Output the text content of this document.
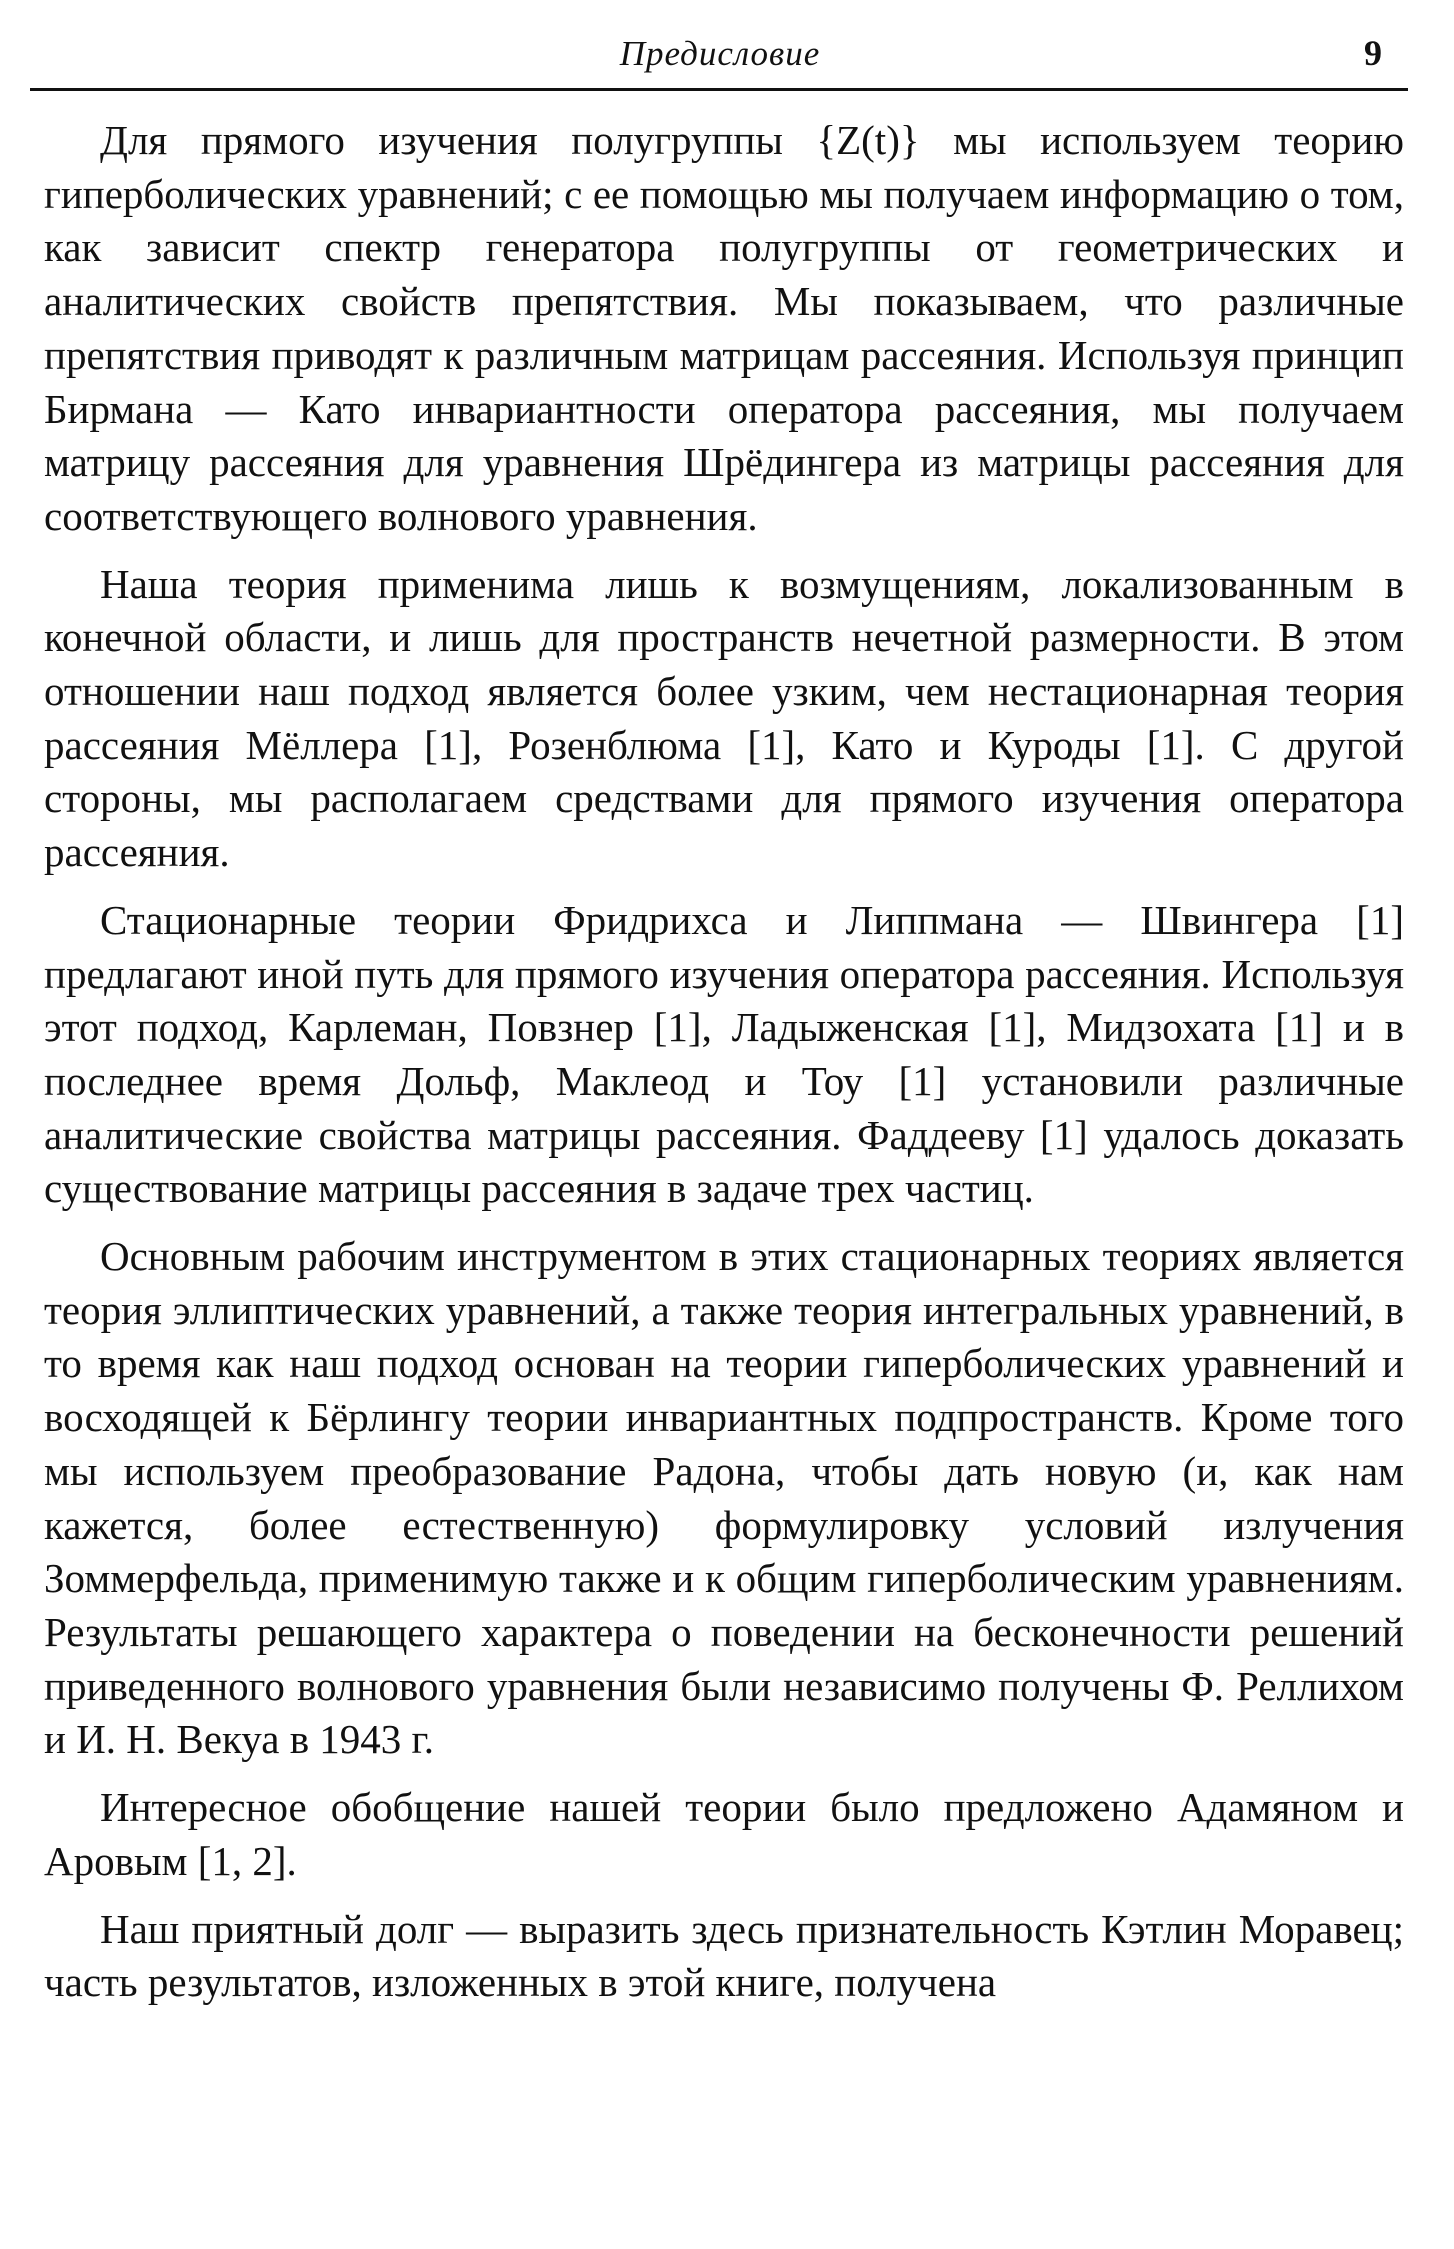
Предисловие	9

Для прямого изучения полугруппы {Z(t)} мы используем теорию гиперболических уравнений; с ее помощью мы получаем информацию о том, как зависит спектр генератора полугруппы от геометрических и аналитических свойств препятствия. Мы показываем, что различные препятствия приводят к различным матрицам рассеяния. Используя принцип Бирмана — Като инвариантности оператора рассеяния, мы получаем матрицу рассеяния для уравнения Шрёдингера из матрицы рассеяния для соответствующего волнового уравнения.

Наша теория применима лишь к возмущениям, локализованным в конечной области, и лишь для пространств нечетной размерности. В этом отношении наш подход является более узким, чем нестационарная теория рассеяния Мёллера [1], Розенблюма [1], Като и Куроды [1]. С другой стороны, мы располагаем средствами для прямого изучения оператора рассеяния.

Стационарные теории Фридрихса и Липпмана — Швингера [1] предлагают иной путь для прямого изучения оператора рассеяния. Используя этот подход, Карлеман, Повзнер [1], Ладыженская [1], Мидзохата [1] и в последнее время Дольф, Маклеод и Тоу [1] установили различные аналитические свойства матрицы рассеяния. Фаддееву [1] удалось доказать существование матрицы рассеяния в задаче трех частиц.

Основным рабочим инструментом в этих стационарных теориях является теория эллиптических уравнений, а также теория интегральных уравнений, в то время как наш подход основан на теории гиперболических уравнений и восходящей к Бёрлингу теории инвариантных подпространств. Кроме того мы используем преобразование Радона, чтобы дать новую (и, как нам кажется, более естественную) формулировку условий излучения Зоммерфельда, применимую также и к общим гиперболическим уравнениям. Результаты решающего характера о поведении на бесконечности решений приведенного волнового уравнения были независимо получены Ф. Реллихом и И. Н. Векуа в 1943 г.

Интересное обобщение нашей теории было предложено Адамяном и Аровым [1, 2].

Наш приятный долг — выразить здесь признательность Кэтлин Моравец; часть результатов, изложенных в этой книге, получена
